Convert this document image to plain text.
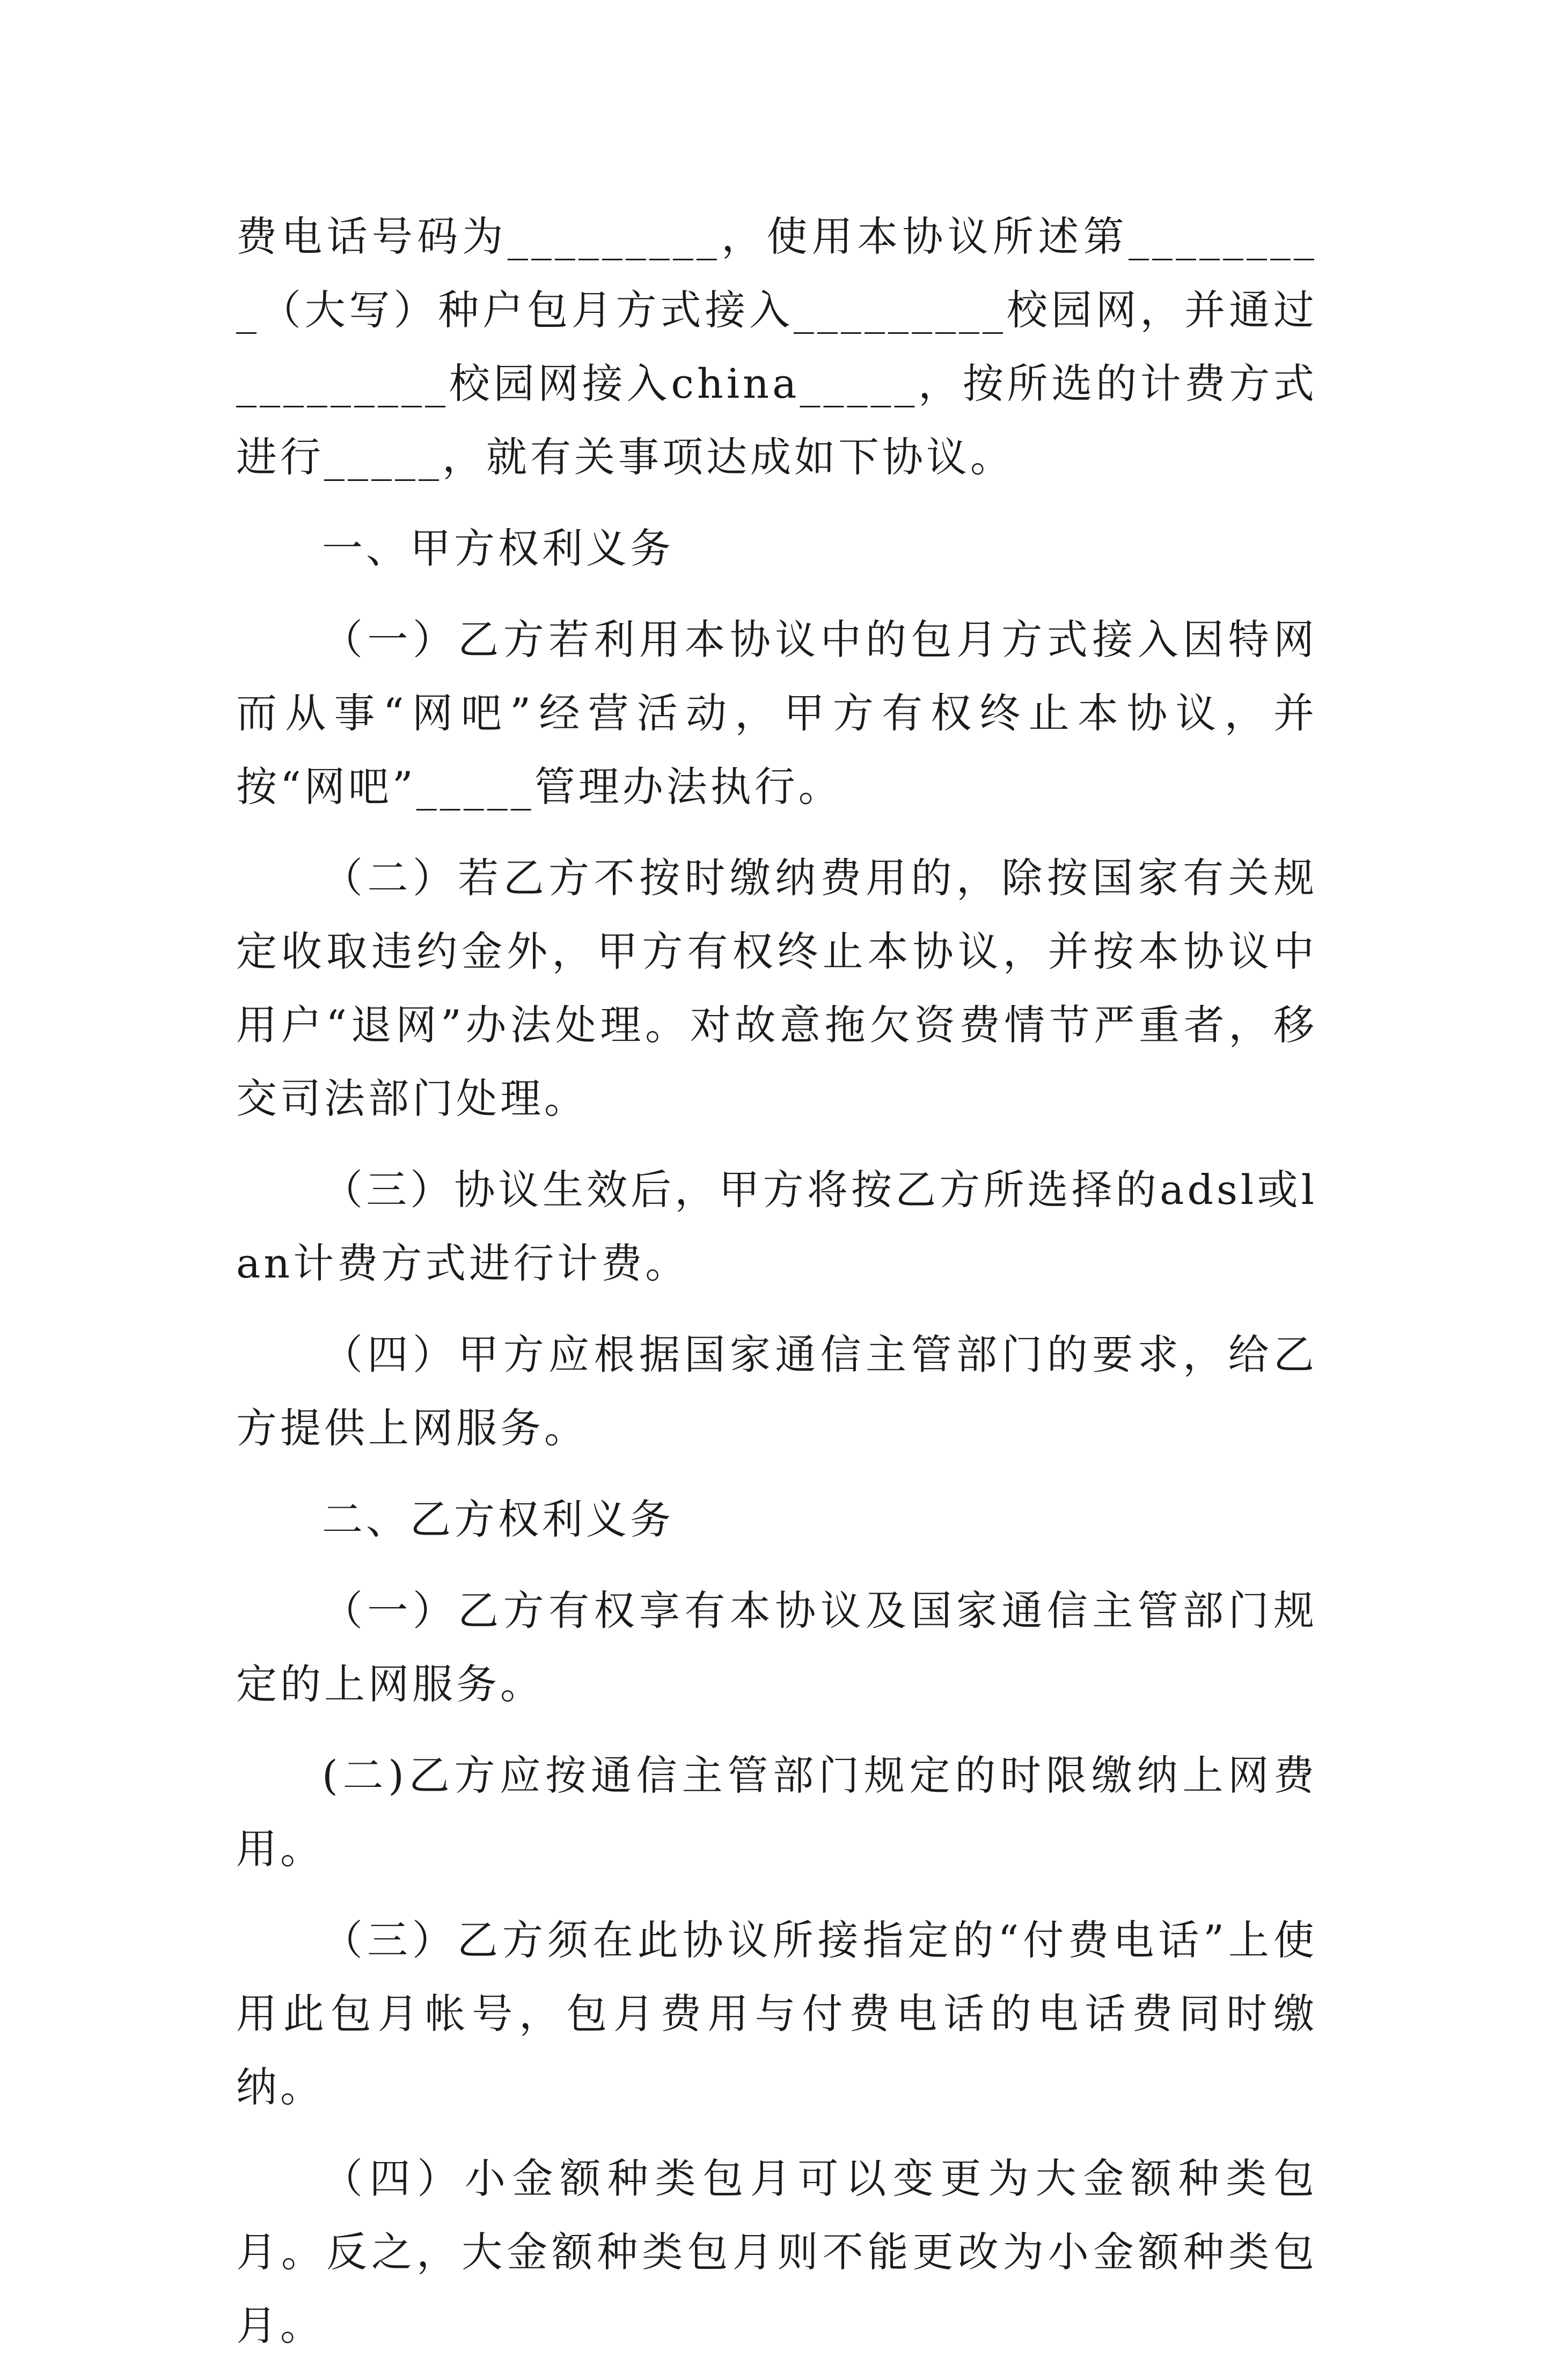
费电话号码为_________，使用本协议所述第_________（大写）种户包月方式接入_________校园网，并通过_________校园网接入china_____，按所选的计费方式进行_____，就有关事项达成如下协议。

一、甲方权利义务

（一）乙方若利用本协议中的包月方式接入因特网而从事“网吧”经营活动，甲方有权终止本协议，并按“网吧”_____管理办法执行。

（二）若乙方不按时缴纳费用的，除按国家有关规定收取违约金外，甲方有权终止本协议，并按本协议中用户“退网”办法处理。对故意拖欠资费情节严重者，移交司法部门处理。

（三）协议生效后，甲方将按乙方所选择的adsl或lan计费方式进行计费。

（四）甲方应根据国家通信主管部门的要求，给乙方提供上网服务。

二、乙方权利义务

（一）乙方有权享有本协议及国家通信主管部门规定的上网服务。

(二)乙方应按通信主管部门规定的时限缴纳上网费用。

（三）乙方须在此协议所接指定的“付费电话”上使用此包月帐号，包月费用与付费电话的电话费同时缴纳。

（四）小金额种类包月可以变更为大金额种类包月。反之，大金额种类包月则不能更改为小金额种类包月。
